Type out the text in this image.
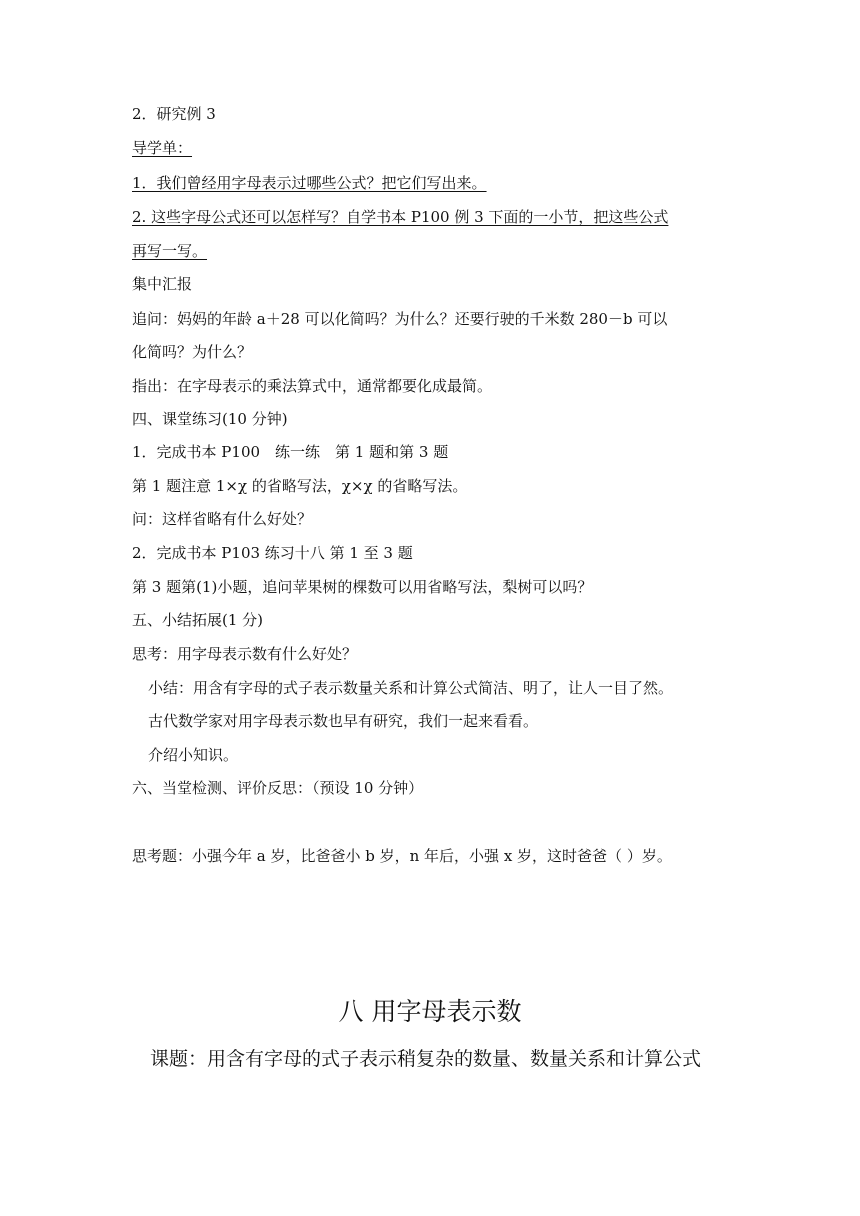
2．研究例 3
导学单：
1．我们曾经用字母表示过哪些公式？把它们写出来。
2. 这些字母公式还可以怎样写？自学书本 P100 例 3 下面的一小节，把这些公式
再写一写。
集中汇报
追问：妈妈的年龄 a＋28 可以化简吗？为什么？还要行驶的千米数 280－b 可以
化简吗？为什么？
指出：在字母表示的乘法算式中，通常都要化成最简。
四、课堂练习(10 分钟)
1．完成书本 P100　练一练　第 1 题和第 3 题
第 1 题注意 1×χ 的省略写法，χ×χ 的省略写法。
问：这样省略有什么好处？
2．完成书本 P103 练习十八 第 1 至 3 题
第 3 题第(1)小题，追问苹果树的棵数可以用省略写法，梨树可以吗？
五、小结拓展(1 分)
思考：用字母表示数有什么好处？
小结：用含有字母的式子表示数量关系和计算公式简洁、明了，让人一目了然。
古代数学家对用字母表示数也早有研究，我们一起来看看。
介绍小知识。
六、当堂检测、评价反思：（预设 10 分钟）
思考题：小强今年 a 岁，比爸爸小 b 岁，n 年后，小强 x 岁，这时爸爸（ ）岁。
八 用字母表示数
课题：用含有字母的式子表示稍复杂的数量、数量关系和计算公式
